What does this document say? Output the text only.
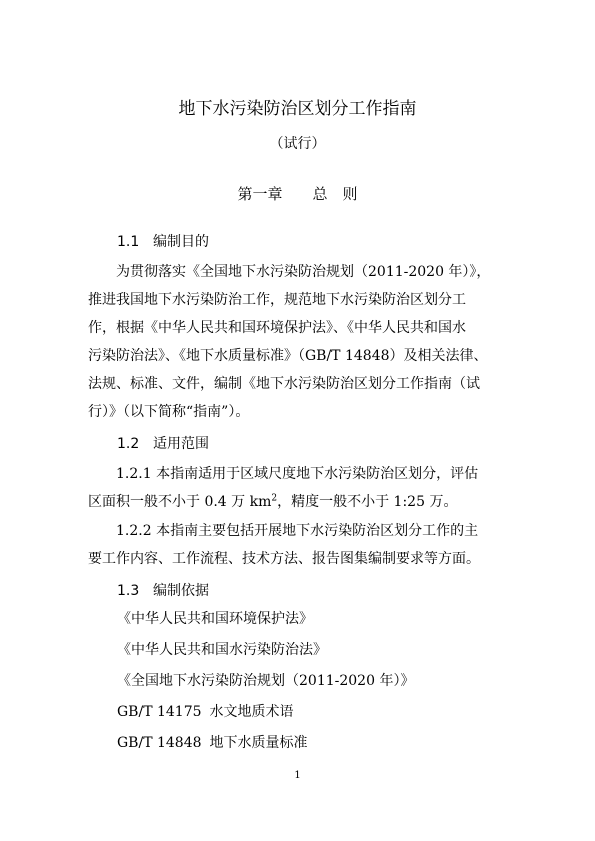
地下水污染防治区划分工作指南
（试行）
第一章 总　则
1.1 编制目的
　　为贯彻落实《全国地下水污染防治规划（2011-2020 年）》，
推进我国地下水污染防治工作，规范地下水污染防治区划分工
作，根据《中华人民共和国环境保护法》、《中华人民共和国水
污染防治法》、《地下水质量标准》（GB/T 14848）及相关法律、
法规、标准、文件，编制《地下水污染防治区划分工作指南（试
行）》（以下简称“指南”）。
1.2 适用范围
　　1.2.1 本指南适用于区域尺度地下水污染防治区划分，评估
区面积一般不小于 0.4 万 $km^2$，精度一般不小于 1:25 万。
　　1.2.2 本指南主要包括开展地下水污染防治区划分工作的主
要工作内容、工作流程、技术方法、报告图集编制要求等方面。
1.3 编制依据
《中华人民共和国环境保护法》
《中华人民共和国水污染防治法》
《全国地下水污染防治规划（2011-2020 年）》
GB/T 14175 水文地质术语
GB/T 14848 地下水质量标准
1
